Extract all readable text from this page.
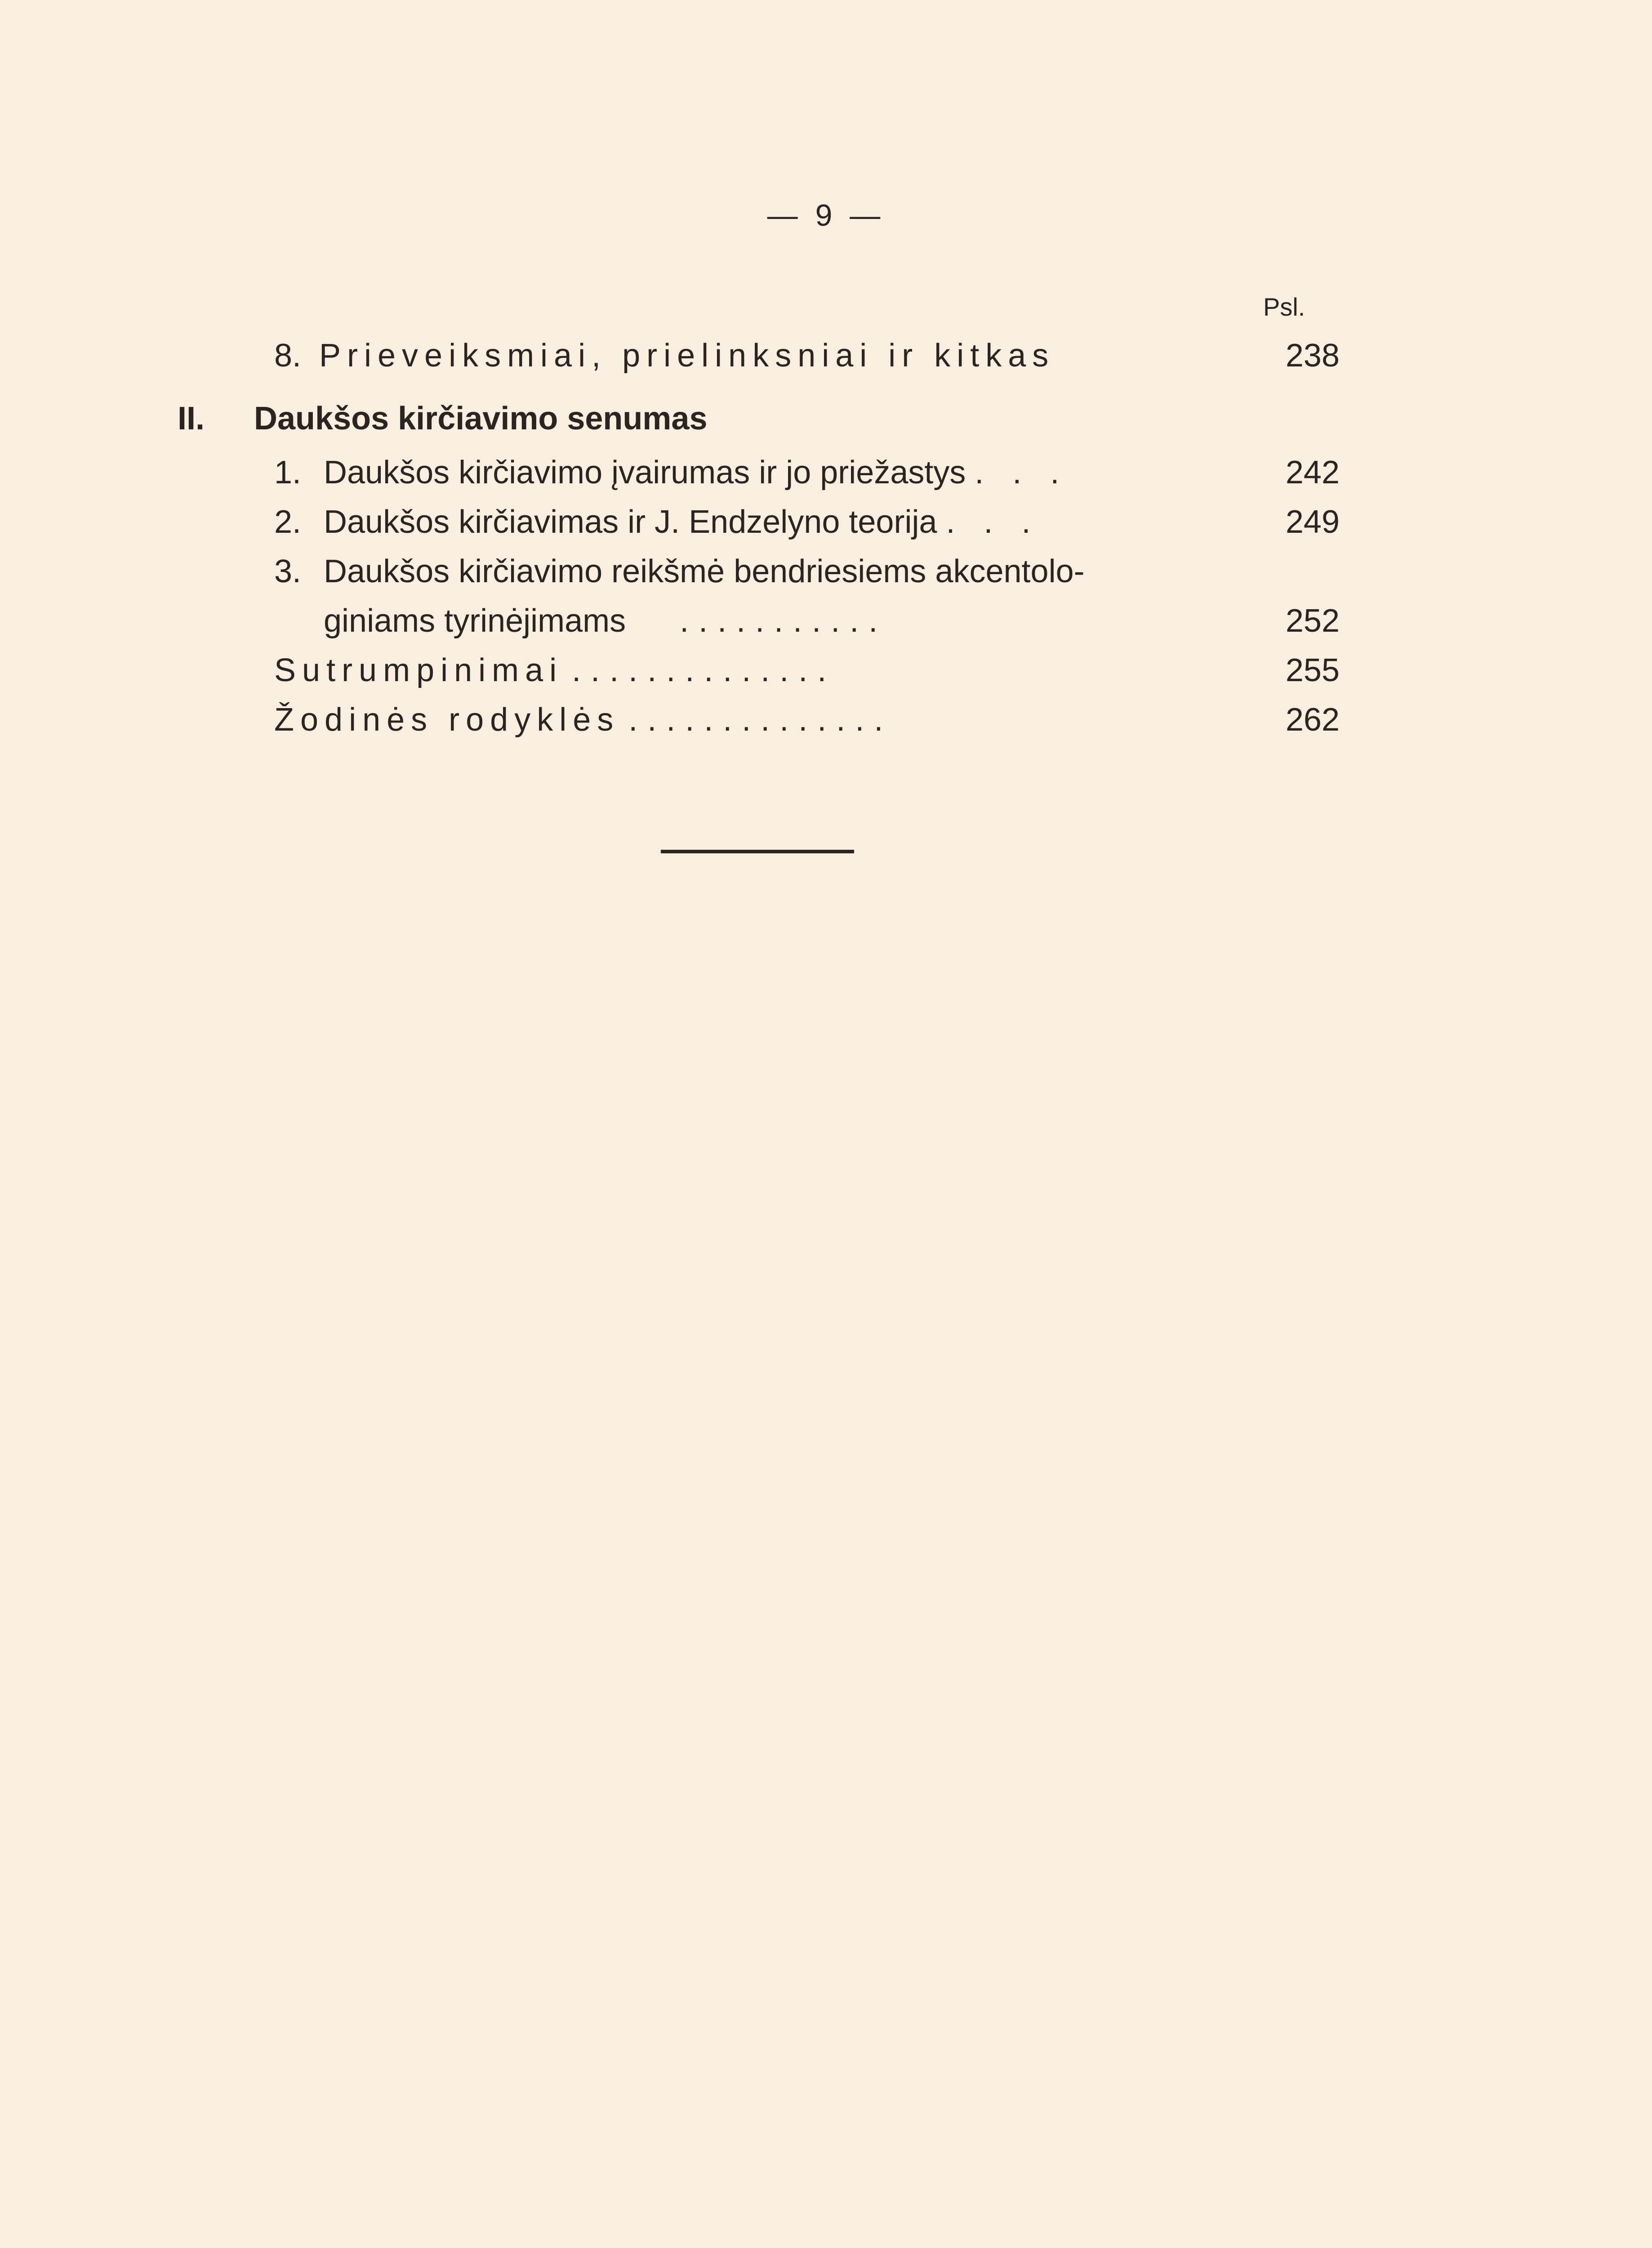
— 9 —
Psl.
8. Prieveiksmiai, prielinksniai ir kitkas	238
II. Daukšos kirčiavimo senumas
1. Daukšos kirčiavimo įvairumas ir jo priežastys . . .	242
2. Daukšos kirčiavimas ir J. Endzelyno teorija . . .	249
3. Daukšos kirčiavimo reikšmė bendriesiems akcentolo-
giniams tyrinėjimams ...........	252
Sutrumpinimai ..............	255
Žodinės rodyklės ..............	262
